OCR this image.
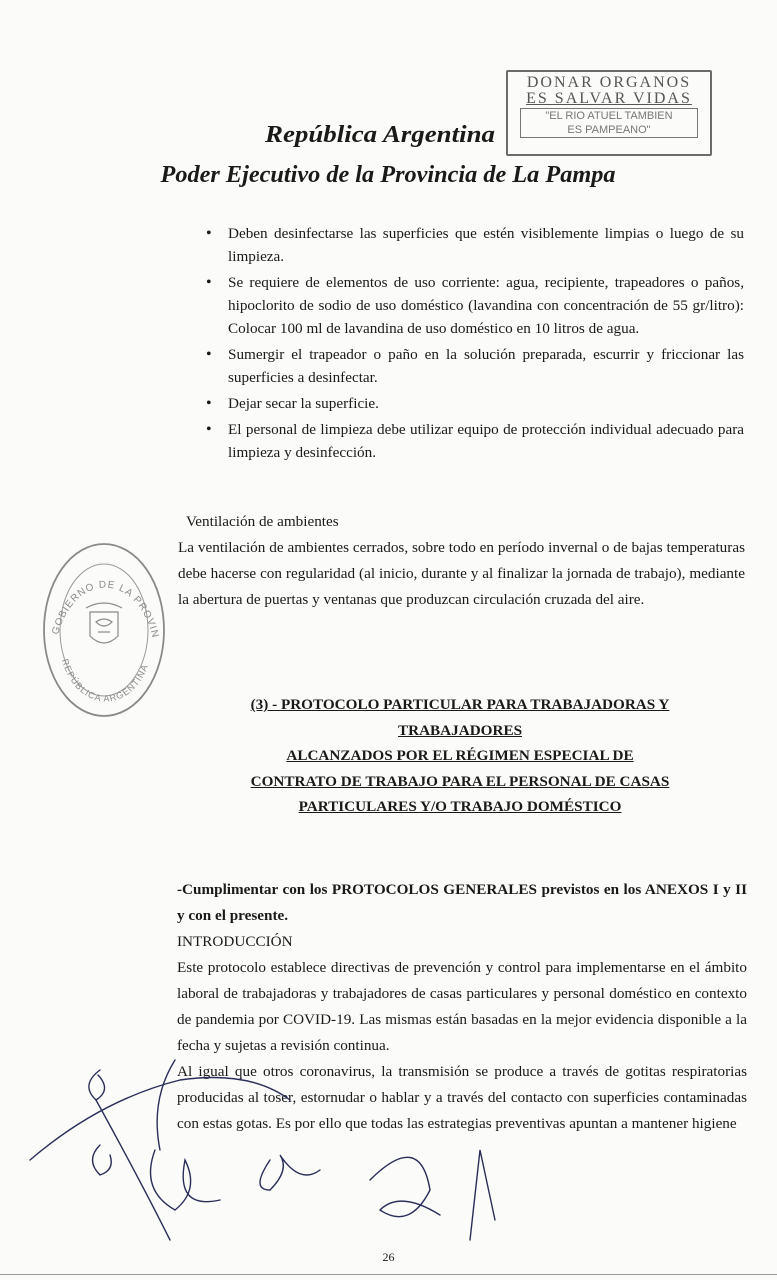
DONAR ORGANOS
ES SALVAR VIDAS
"EL RIO ATUEL TAMBIEN
ES PAMPEANO"
República Argentina
Poder Ejecutivo de la Provincia de La Pampa
• Deben desinfectarse las superficies que estén visiblemente limpias o luego de su limpieza.
• Se requiere de elementos de uso corriente: agua, recipiente, trapeadores o paños, hipoclorito de sodio de uso doméstico (lavandina con concentración de 55 gr/litro): Colocar 100 ml de lavandina de uso doméstico en 10 litros de agua.
• Sumergir el trapeador o paño en la solución preparada, escurrir y friccionar las superficies a desinfectar.
• Dejar secar la superficie.
• El personal de limpieza debe utilizar equipo de protección individual adecuado para limpieza y desinfección.
Ventilación de ambientes
La ventilación de ambientes cerrados, sobre todo en período invernal o de bajas temperaturas debe hacerse con regularidad (al inicio, durante y al finalizar la jornada de trabajo), mediante la abertura de puertas y ventanas que produzcan circulación cruzada del aire.
GOBIERNO DE LA PROVIN
REPÚBLICA ARGENTINA
(3) - PROTOCOLO PARTICULAR PARA TRABAJADORAS Y
TRABAJADORES
ALCANZADOS POR EL RÉGIMEN ESPECIAL DE
CONTRATO DE TRABAJO PARA EL PERSONAL DE CASAS
PARTICULARES Y/O TRABAJO DOMÉSTICO
-Cumplimentar con los PROTOCOLOS GENERALES previstos en los ANEXOS I y II y con el presente.
INTRODUCCIÓN
Este protocolo establece directivas de prevención y control para implementarse en el ámbito laboral de trabajadoras y trabajadores de casas particulares y personal doméstico en contexto de pandemia por COVID-19. Las mismas están basadas en la mejor evidencia disponible a la fecha y sujetas a revisión continua.
Al igual que otros coronavirus, la transmisión se produce a través de gotitas respiratorias producidas al toser, estornudar o hablar y a través del contacto con superficies contaminadas con estas gotas. Es por ello que todas las estrategias preventivas apuntan a mantener higiene
26
